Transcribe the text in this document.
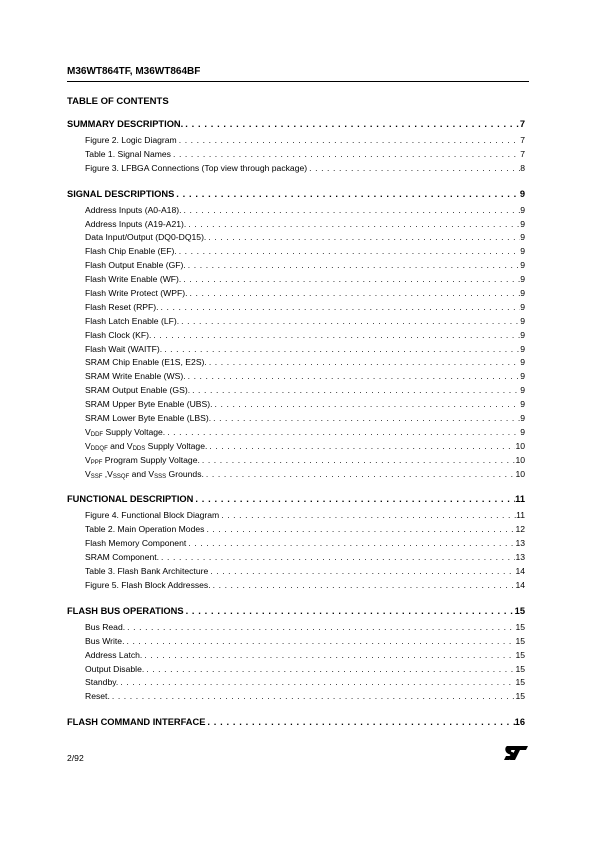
M36WT864TF, M36WT864BF
TABLE OF CONTENTS
SUMMARY DESCRIPTION. . . .	7
Figure 2. Logic Diagram . . .	7
Table 1. Signal Names . . .	7
Figure 3. LFBGA Connections (Top view through package) . . .	8
SIGNAL DESCRIPTIONS . . .	9
Address Inputs (A0-A18). . . .	9
Address Inputs (A19-A21). . . .	9
Data Input/Output (DQ0-DQ15). . . .	9
Flash Chip Enable (EF). . . .	9
Flash Output Enable (GF). . . .	9
Flash Write Enable (WF). . . .	9
Flash Write Protect (WPF). . . .	9
Flash Reset (RPF). . . .	9
Flash Latch Enable (LF). . . .	9
Flash Clock (KF). . . .	9
Flash Wait (WAITF). . . .	9
SRAM Chip Enable (E1S, E2S). . . .	9
SRAM Write Enable (WS). . . .	9
SRAM Output Enable (GS). . . .	9
SRAM Upper Byte Enable (UBS). . . .	9
SRAM Lower Byte Enable (LBS). . . .	9
VDDF Supply Voltage. . . .	9
VDDQF and VDDS Supply Voltage. . . .	10
VPPF Program Supply Voltage. . . .	10
VSSF ,VSSQF and VSSS Grounds. . . .	10
FUNCTIONAL DESCRIPTION . . .	11
Figure 4. Functional Block Diagram . . .	11
Table 2. Main Operation Modes . . .	12
Flash Memory Component . . .	13
SRAM Component. . . .	13
Table 3. Flash Bank Architecture . . .	14
Figure 5. Flash Block Addresses. . . .	14
FLASH BUS OPERATIONS . . .	15
Bus Read. . . .	15
Bus Write. . . .	15
Address Latch. . . .	15
Output Disable. . . .	15
Standby. . . .	15
Reset. . . .	15
FLASH COMMAND INTERFACE . . .	16
2/92
